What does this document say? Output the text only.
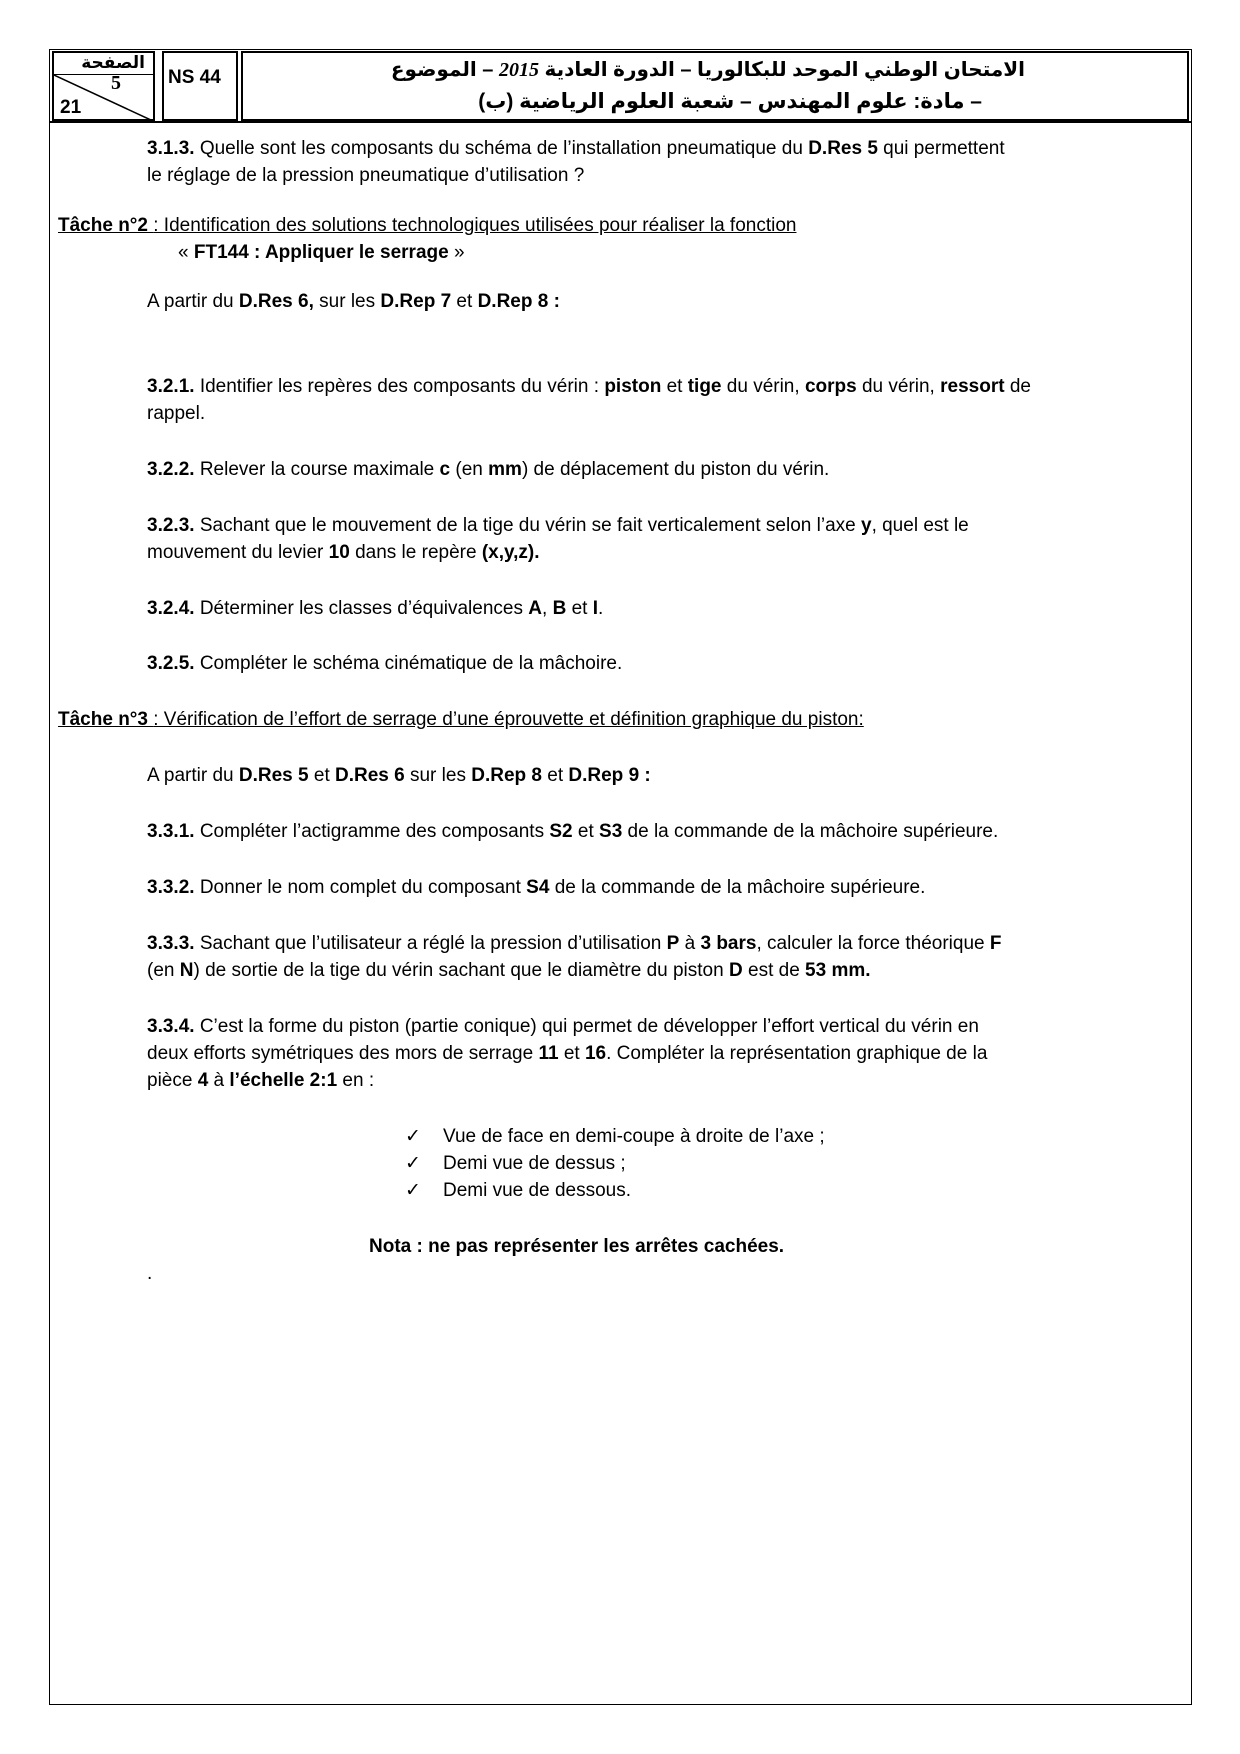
الصفحة
5
21
NS 44	الامتحان الوطني الموحد للبكالوريا – الدورة العادية 2015 – الموضوع
– مادة: علوم المهندس – شعبة العلوم الرياضية (ب)
3.1.3. Quelle sont les composants du schéma de l’installation pneumatique du D.Res 5 qui permettent
le réglage de la pression pneumatique d’utilisation ?
Tâche n°2 : Identification des solutions technologiques utilisées pour réaliser la fonction
« FT144 : Appliquer le serrage »
A partir du D.Res 6, sur les D.Rep 7 et D.Rep 8 :
3.2.1. Identifier les repères des composants du vérin : piston et tige du vérin, corps du vérin, ressort de
rappel.
3.2.2. Relever la course maximale c (en mm) de déplacement du piston du vérin.
3.2.3. Sachant que le mouvement de la tige du vérin se fait verticalement selon l’axe y, quel est le
mouvement du levier 10 dans le repère (x,y,z).
3.2.4. Déterminer les classes d’équivalences A, B et I.
3.2.5. Compléter le schéma cinématique de la mâchoire.
Tâche n°3 : Vérification de l’effort de serrage d’une éprouvette et définition graphique du piston:
A partir du D.Res 5 et D.Res 6 sur les D.Rep 8 et D.Rep 9 :
3.3.1. Compléter l’actigramme des composants S2 et S3 de la commande de la mâchoire supérieure.
3.3.2. Donner le nom complet du composant S4 de la commande de la mâchoire supérieure.
3.3.3. Sachant que l’utilisateur a réglé la pression d’utilisation P à 3 bars, calculer la force théorique F
(en N) de sortie de la tige du vérin sachant que le diamètre du piston D est de 53 mm.
3.3.4. C’est la forme du piston (partie conique) qui permet de développer l’effort vertical du vérin en
deux efforts symétriques des mors de serrage 11 et 16. Compléter la représentation graphique de la
pièce 4 à l’échelle 2:1 en :
✓ Vue de face en demi-coupe à droite de l’axe ;
✓ Demi vue de dessus ;
✓ Demi vue de dessous.
Nota : ne pas représenter les arrêtes cachées.
.
